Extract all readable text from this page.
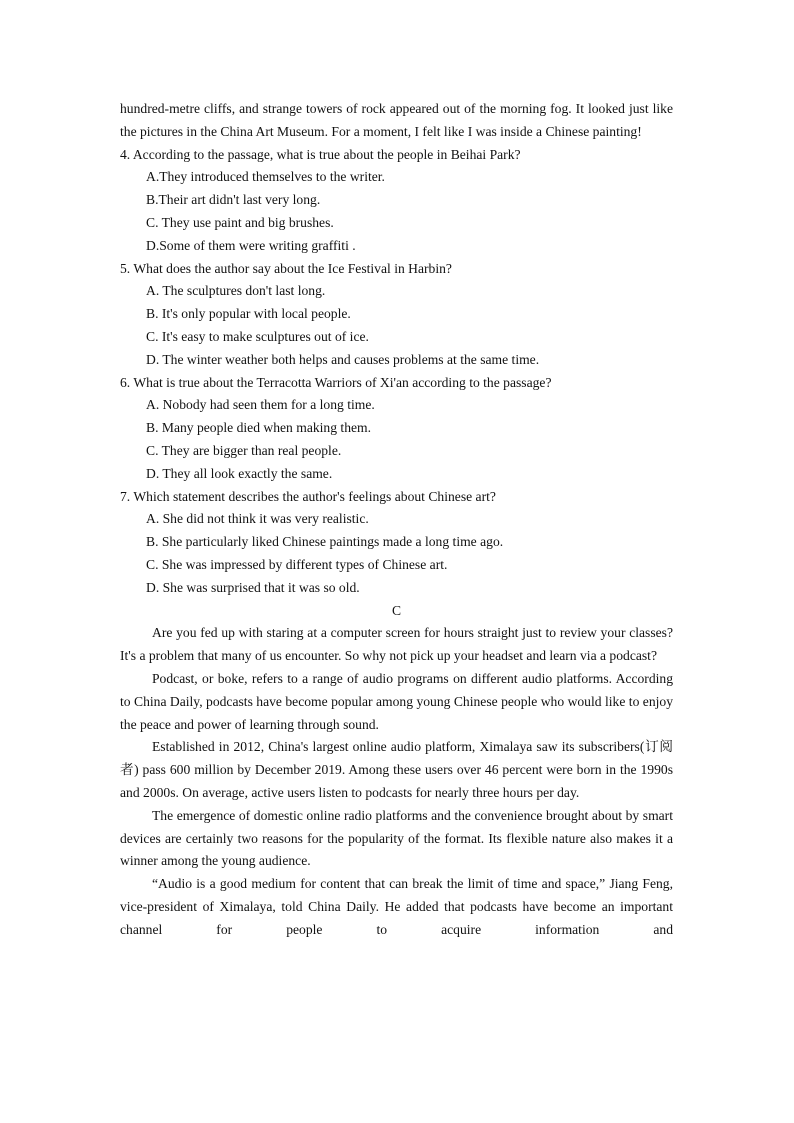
hundred-metre cliffs, and strange towers of rock appeared out of the morning fog. It looked just like the pictures in the China Art Museum. For a moment, I felt like I was inside a Chinese painting!

4. According to the passage, what is true about the people in Beihai Park?

A.They introduced themselves to the writer.

B.Their art didn't last very long.

C. They use paint and big brushes.

D.Some of them were writing graffiti .

5. What does the author say about the Ice Festival in Harbin?

A. The sculptures don't last long.

B. It's only popular with local people.

C. It's easy to make sculptures out of ice.

D. The winter weather both helps and causes problems at the same time.

6. What is true about the Terracotta Warriors of Xi'an according to the passage?

A. Nobody had seen them for a long time.

B. Many people died when making them.

C. They are bigger than real people.

D. They all look exactly the same.

7. Which statement describes the author's feelings about Chinese art?

A. She did not think it was very realistic.

B. She particularly liked Chinese paintings made a long time ago.

C. She was impressed by different types of Chinese art.

D. She was surprised that it was so old.

C

Are you fed up with staring at a computer screen for hours straight just to review your classes? It's a problem that many of us encounter. So why not pick up your headset and learn via a podcast?

Podcast, or boke, refers to a range of audio programs on different audio platforms. According to China Daily, podcasts have become popular among young Chinese people who would like to enjoy the peace and power of learning through sound.

Established in 2012, China's largest online audio platform, Ximalaya saw its subscribers(订阅者) pass 600 million by December 2019. Among these users over 46 percent were born in the 1990s and 2000s. On average, active users listen to podcasts for nearly three hours per day.

The emergence of domestic online radio platforms and the convenience brought about by smart devices are certainly two reasons for the popularity of the format. Its flexible nature also makes it a winner among the young audience.

“Audio is a good medium for content that can break the limit of time and space,” Jiang Feng, vice-president of Ximalaya, told China Daily. He added that podcasts have become an important channel for people to acquire information and
